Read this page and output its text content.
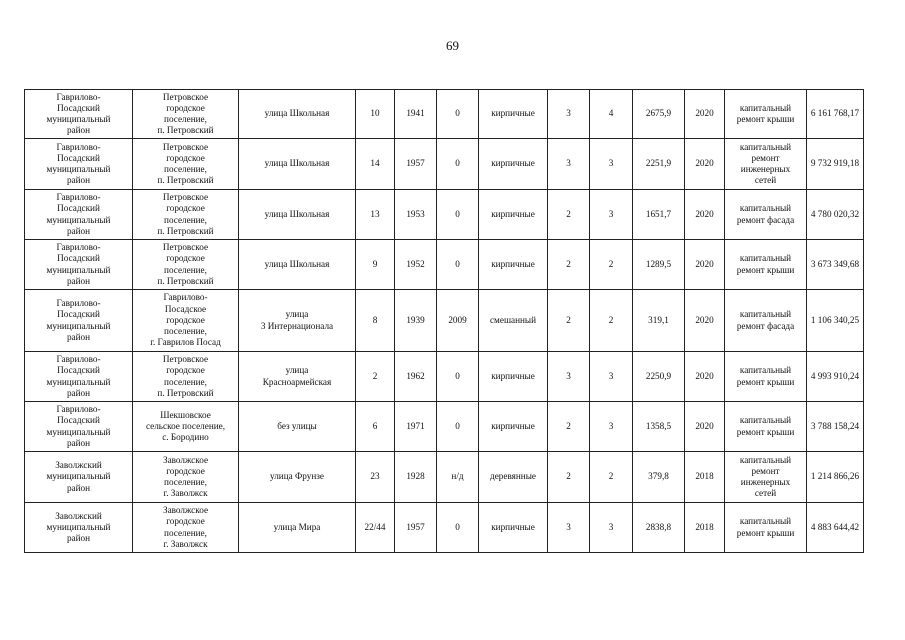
69
Гаврилово-
Посадский
муниципальный
район	Петровское
городское
поселение,
п. Петровский	улица Школьная	10	1941	0	кирпичные	3	4	2675,9	2020	капитальный
ремонт крыши	6 161 768,17
Гаврилово-
Посадский
муниципальный
район	Петровское
городское
поселение,
п. Петровский	улица Школьная	14	1957	0	кирпичные	3	3	2251,9	2020	капитальный
ремонт
инженерных
сетей	9 732 919,18
Гаврилово-
Посадский
муниципальный
район	Петровское
городское
поселение,
п. Петровский	улица Школьная	13	1953	0	кирпичные	2	3	1651,7	2020	капитальный
ремонт фасада	4 780 020,32
Гаврилово-
Посадский
муниципальный
район	Петровское
городское
поселение,
п. Петровский	улица Школьная	9	1952	0	кирпичные	2	2	1289,5	2020	капитальный
ремонт крыши	3 673 349,68
Гаврилово-
Посадский
муниципальный
район	Гаврилово-
Посадское
городское
поселение,
г. Гаврилов Посад	улица
3 Интернационала	8	1939	2009	смешанный	2	2	319,1	2020	капитальный
ремонт фасада	1 106 340,25
Гаврилово-
Посадский
муниципальный
район	Петровское
городское
поселение,
п. Петровский	улица
Красноармейская	2	1962	0	кирпичные	3	3	2250,9	2020	капитальный
ремонт крыши	4 993 910,24
Гаврилово-
Посадский
муниципальный
район	Шекшовское
сельское поселение,
с. Бородино	без улицы	6	1971	0	кирпичные	2	3	1358,5	2020	капитальный
ремонт крыши	3 788 158,24
Заволжский
муниципальный
район	Заволжское
городское
поселение,
г. Заволжск	улица Фрунзе	23	1928	н/д	деревянные	2	2	379,8	2018	капитальный
ремонт
инженерных
сетей	1 214 866,26
Заволжский
муниципальный
район	Заволжское
городское
поселение,
г. Заволжск	улица Мира	22/44	1957	0	кирпичные	3	3	2838,8	2018	капитальный
ремонт крыши	4 883 644,42
